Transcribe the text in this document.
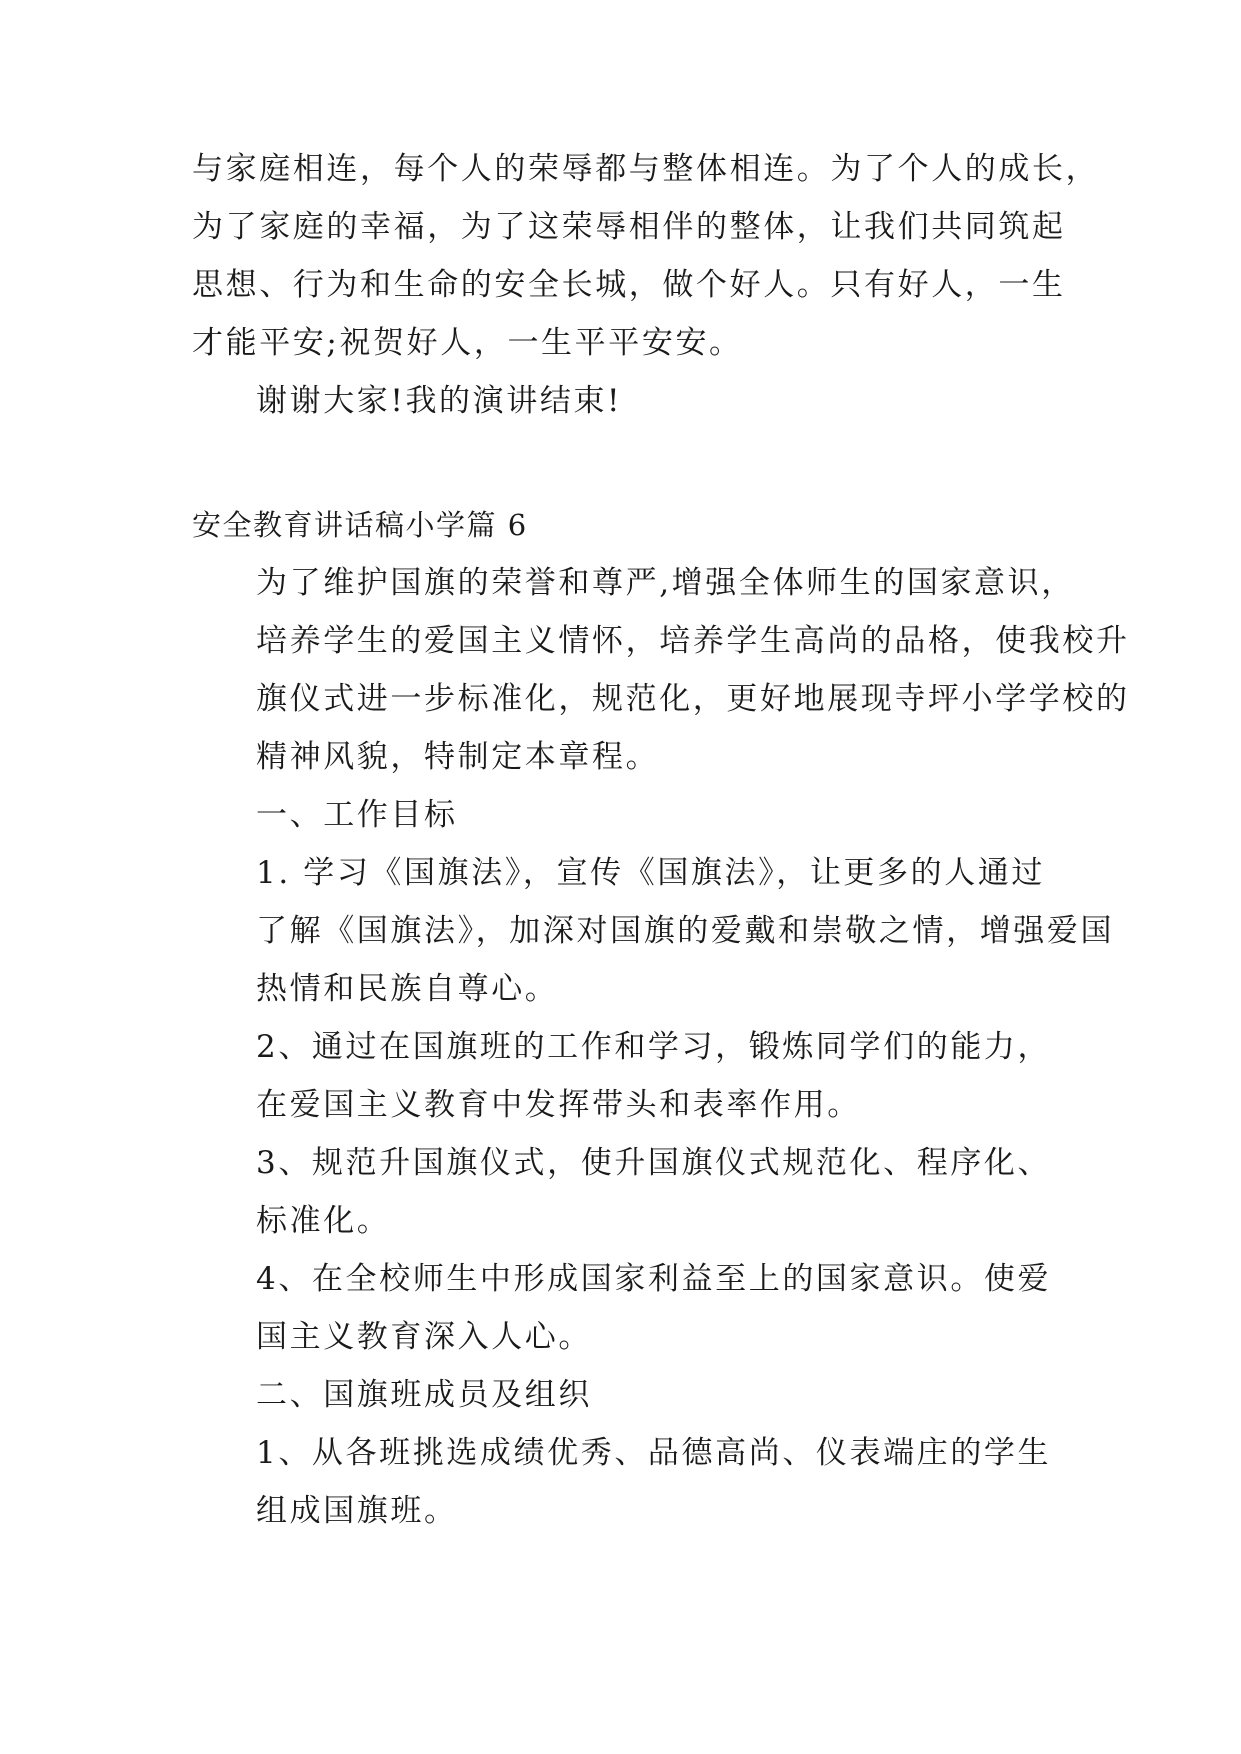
与家庭相连，每个人的荣辱都与整体相连。为了个人的成长，
为了家庭的幸福，为了这荣辱相伴的整体，让我们共同筑起
思想、行为和生命的安全长城，做个好人。只有好人，一生
才能平安;祝贺好人，一生平平安安。

谢谢大家!我的演讲结束!

安全教育讲话稿小学篇 6

为了维护国旗的荣誉和尊严,增强全体师生的国家意识，
培养学生的爱国主义情怀，培养学生高尚的品格，使我校升
旗仪式进一步标准化，规范化，更好地展现寺坪小学学校的
精神风貌，特制定本章程。

一、工作目标

1. 学习《国旗法》，宣传《国旗法》，让更多的人通过
了解《国旗法》，加深对国旗的爱戴和崇敬之情，增强爱国
热情和民族自尊心。

2、通过在国旗班的工作和学习，锻炼同学们的能力，
在爱国主义教育中发挥带头和表率作用。

3、规范升国旗仪式，使升国旗仪式规范化、程序化、
标准化。

4、在全校师生中形成国家利益至上的国家意识。使爱
国主义教育深入人心。

二、国旗班成员及组织

1、从各班挑选成绩优秀、品德高尚、仪表端庄的学生
组成国旗班。
